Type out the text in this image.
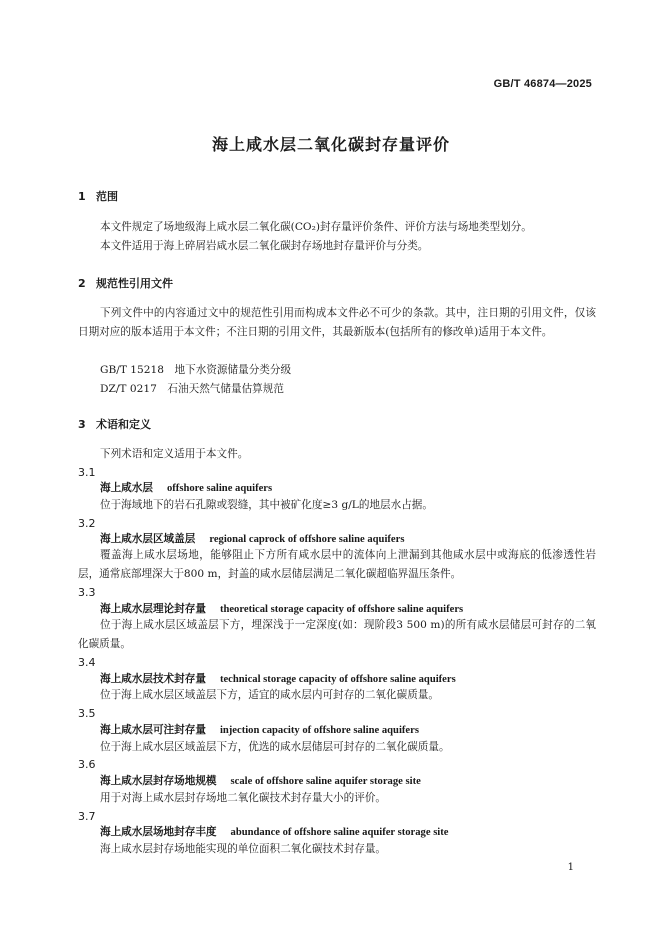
GB/T 46874—2025
海上咸水层二氧化碳封存量评价
1 范围
本文件规定了场地级海上咸水层二氧化碳(CO₂)封存量评价条件、评价方法与场地类型划分。
本文件适用于海上碎屑岩咸水层二氧化碳封存场地封存量评价与分类。
2 规范性引用文件
下列文件中的内容通过文中的规范性引用而构成本文件必不可少的条款。其中，注日期的引用文件，仅该日期对应的版本适用于本文件；不注日期的引用文件，其最新版本(包括所有的修改单)适用于本文件。
GB/T 15218　地下水资源储量分类分级
DZ/T 0217　石油天然气储量估算规范
3 术语和定义
下列术语和定义适用于本文件。
3.1
海上咸水层 offshore saline aquifers
位于海域地下的岩石孔隙或裂缝，其中被矿化度≥3 g/L的地层水占据。
3.2
海上咸水层区域盖层 regional caprock of offshore saline aquifers
覆盖海上咸水层场地，能够阻止下方所有咸水层中的流体向上泄漏到其他咸水层中或海底的低渗透性岩层，通常底部埋深大于800 m，封盖的咸水层储层满足二氧化碳超临界温压条件。
3.3
海上咸水层理论封存量 theoretical storage capacity of offshore saline aquifers
位于海上咸水层区域盖层下方，埋深浅于一定深度(如：现阶段3 500 m)的所有咸水层储层可封存的二氧化碳质量。
3.4
海上咸水层技术封存量 technical storage capacity of offshore saline aquifers
位于海上咸水层区域盖层下方，适宜的咸水层内可封存的二氧化碳质量。
3.5
海上咸水层可注封存量 injection capacity of offshore saline aquifers
位于海上咸水层区域盖层下方，优选的咸水层储层可封存的二氧化碳质量。
3.6
海上咸水层封存场地规模 scale of offshore saline aquifer storage site
用于对海上咸水层封存场地二氧化碳技术封存量大小的评价。
3.7
海上咸水层场地封存丰度 abundance of offshore saline aquifer storage site
海上咸水层封存场地能实现的单位面积二氧化碳技术封存量。
1
